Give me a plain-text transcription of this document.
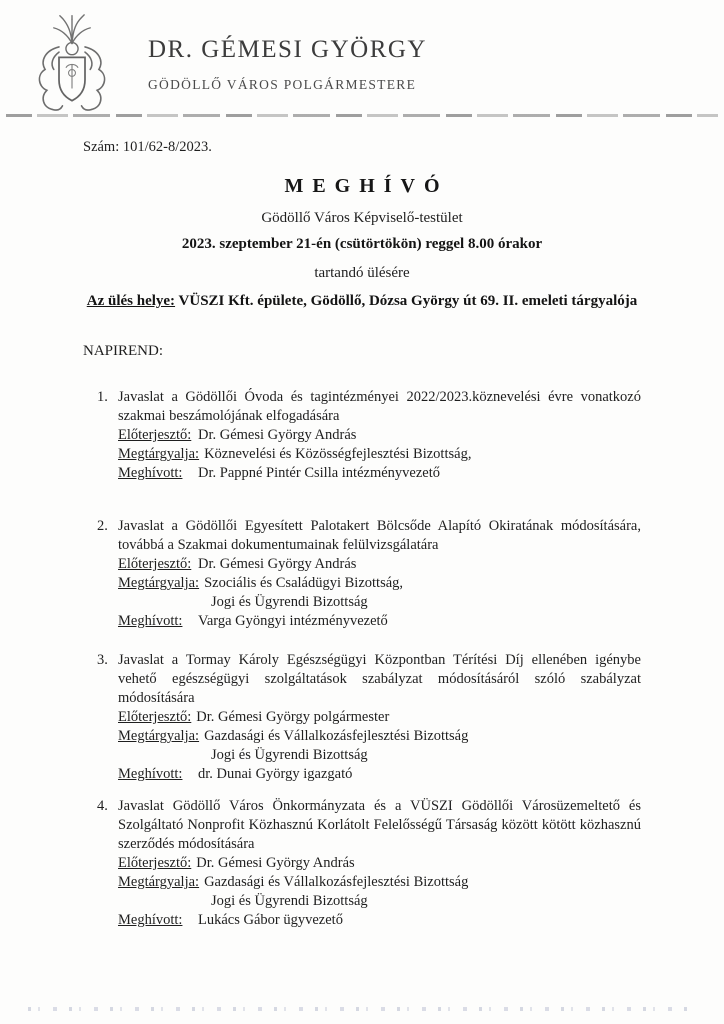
DR. GÉMESI GYÖRGY
GÖDÖLLŐ VÁROS POLGÁRMESTERE

Szám: 101/62-8/2023.

MEGHÍVÓ
Gödöllő Város Képviselő-testület
2023. szeptember 21-én (csütörtökön) reggel 8.00 órakor
tartandó ülésére
Az ülés helye: VÜSZI Kft. épülete, Gödöllő, Dózsa György út 69. II. emeleti tárgyalója
NAPIREND:
1. Javaslat a Gödöllői Óvoda és tagintézményei 2022/2023.köznevelési évre vonatkozó szakmai beszámolójának elfogadására
Előterjesztő: Dr. Gémesi György András
Megtárgyalja: Köznevelési és Közösségfejlesztési Bizottság,
Meghívott: Dr. Pappné Pintér Csilla intézményvezető
2. Javaslat a Gödöllői Egyesített Palotakert Bölcsőde Alapító Okiratának módosítására, továbbá a Szakmai dokumentumainak felülvizsgálatára
Előterjesztő: Dr. Gémesi György András
Megtárgyalja: Szociális és Családügyi Bizottság,
Jogi és Ügyrendi Bizottság
Meghívott: Varga Gyöngyi intézményvezető
3. Javaslat a Tormay Károly Egészségügyi Központban Térítési Díj ellenében igénybe vehető egészségügyi szolgáltatások szabályzat módosításáról szóló szabályzat módosítására
Előterjesztő: Dr. Gémesi György polgármester
Megtárgyalja: Gazdasági és Vállalkozásfejlesztési Bizottság
Jogi és Ügyrendi Bizottság
Meghívott: dr. Dunai György igazgató
4. Javaslat Gödöllő Város Önkormányzata és a VÜSZI Gödöllői Városüzemeltető és Szolgáltató Nonprofit Közhasznú Korlátolt Felelősségű Társaság között kötött közhasznú szerződés módosítására
Előterjesztő: Dr. Gémesi György András
Megtárgyalja: Gazdasági és Vállalkozásfejlesztési Bizottság
Jogi és Ügyrendi Bizottság
Meghívott: Lukács Gábor ügyvezető
